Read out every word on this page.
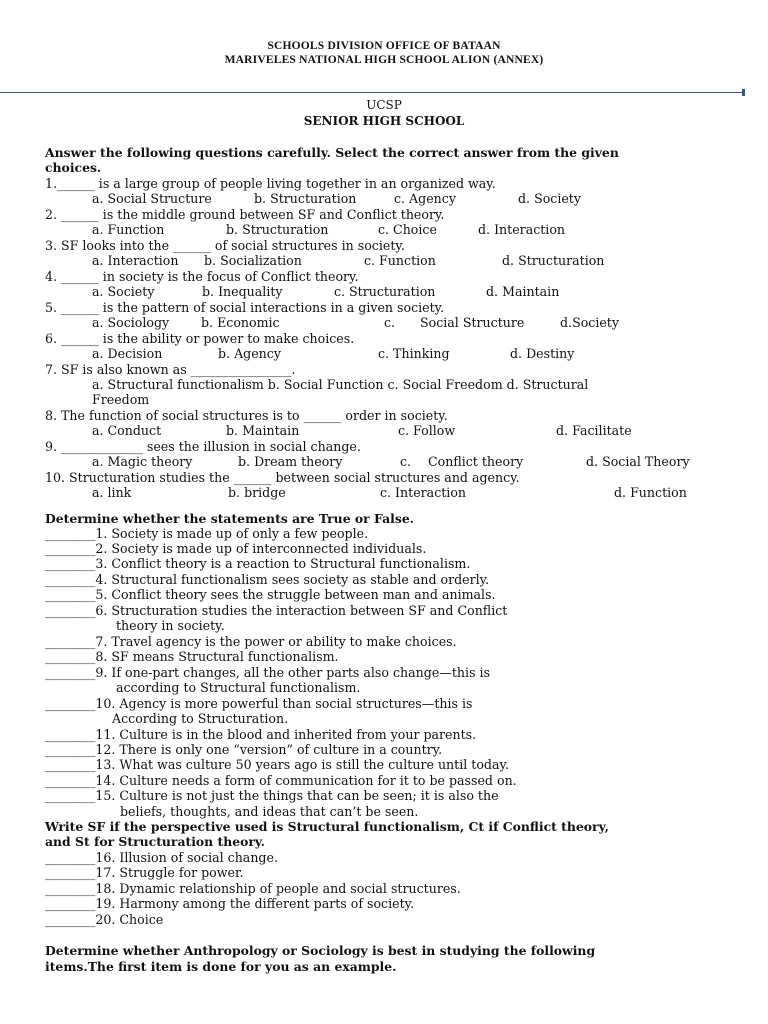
SCHOOLS DIVISION OFFICE OF BATAAN
MARIVELES NATIONAL HIGH SCHOOL ALION (ANNEX)
UCSP
SENIOR HIGH SCHOOL
Answer the following questions carefully. Select the correct answer from the given
choices.
1.______ is a large group of people living together in an organized way.
a. Social Structure	b. Structuration	c. Agency	d. Society
2. ______ is the middle ground between SF and Conflict theory.
a. Function	b. Structuration	c. Choice	d. Interaction
3. SF looks into the ______ of social structures in society.
a. Interaction b. Socialization	c. Function	d. Structuration
4. ______ in society is the focus of Conflict theory.
a. Society	b. Inequality	c. Structuration	d. Maintain
5. ______ is the pattern of social interactions in a given society.
a. Sociology	b. Economic	c. Social Structure	d.Society
6. ______ is the ability or power to make choices.
a. Decision	b. Agency	c. Thinking	d. Destiny
7. SF is also known as ________________.
a. Structural functionalism b. Social Function c. Social Freedom d. Structural
Freedom
8. The function of social structures is to ______ order in society.
a. Conduct	b. Maintain	c. Follow	d. Facilitate
9. _____________ sees the illusion in social change.
a. Magic theory	b. Dream theory	c. Conflict theory	d. Social Theory
10. Structuration studies the ______ between social structures and agency.
a. link	b. bridge	c. Interaction	d. Function
Determine whether the statements are True or False.
________1. Society is made up of only a few people.
________2. Society is made up of interconnected individuals.
________3. Conflict theory is a reaction to Structural functionalism.
________4. Structural functionalism sees society as stable and orderly.
________5. Conflict theory sees the struggle between man and animals.
________6. Structuration studies the interaction between SF and Conflict
theory in society.
________7. Travel agency is the power or ability to make choices.
________8. SF means Structural functionalism.
________9. If one-part changes, all the other parts also change—this is
according to Structural functionalism.
________10. Agency is more powerful than social structures—this is
According to Structuration.
________11. Culture is in the blood and inherited from your parents.
________12. There is only one “version” of culture in a country.
________13. What was culture 50 years ago is still the culture until today.
________14. Culture needs a form of communication for it to be passed on.
________15. Culture is not just the things that can be seen; it is also the
beliefs, thoughts, and ideas that can’t be seen.
Write SF if the perspective used is Structural functionalism, Ct if Conflict theory,
and St for Structuration theory.
________16. Illusion of social change.
________17. Struggle for power.
________18. Dynamic relationship of people and social structures.
________19. Harmony among the different parts of society.
________20. Choice
Determine whether Anthropology or Sociology is best in studying the following
items.The first item is done for you as an example.
